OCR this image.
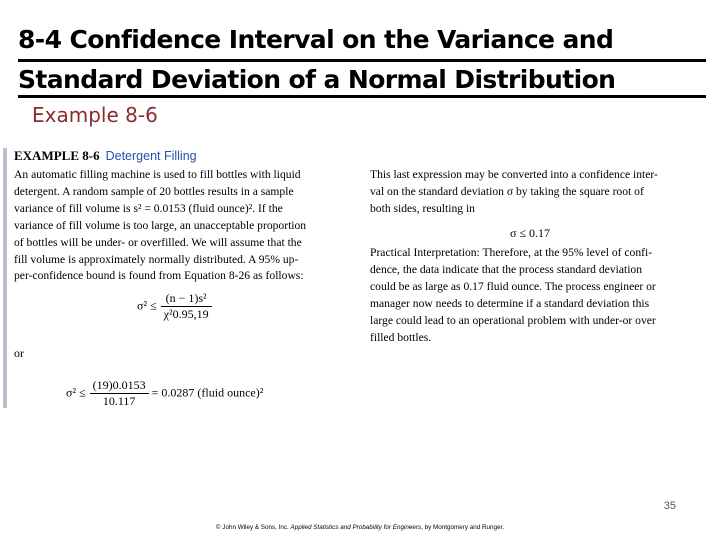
8-4 Confidence Interval on the Variance and
Standard Deviation of a Normal Distribution
Example 8-6
EXAMPLE 8-6 Detergent Filling
An automatic filling machine is used to fill bottles with liquid
detergent. A random sample of 20 bottles results in a sample
variance of fill volume is s² = 0.0153 (fluid ounce)². If the
variance of fill volume is too large, an unacceptable proportion
of bottles will be under- or overfilled. We will assume that the
fill volume is approximately normally distributed. A 95% up-
per-confidence bound is found from Equation 8-26 as follows:
$\sigma^2 \le \frac{\text{(n − 1)s²}}{\text{χ²0.95,19}}$
or
$\sigma^2 \le \frac{(19)0.0153}{10.117} = 0.0287$ (fluid ounce)²
This last expression may be converted into a confidence inter-
val on the standard deviation σ by taking the square root of
both sides, resulting in
σ ≤ 0.17
Practical Interpretation: Therefore, at the 95% level of confi-
dence, the data indicate that the process standard deviation
could be as large as 0.17 fluid ounce. The process engineer or
manager now needs to determine if a standard deviation this
large could lead to an operational problem with under-or over
filled bottles.
35
© John Wiley & Sons, Inc. Applied Statistics and Probability for Engineers, by Montgomery and Runger.
